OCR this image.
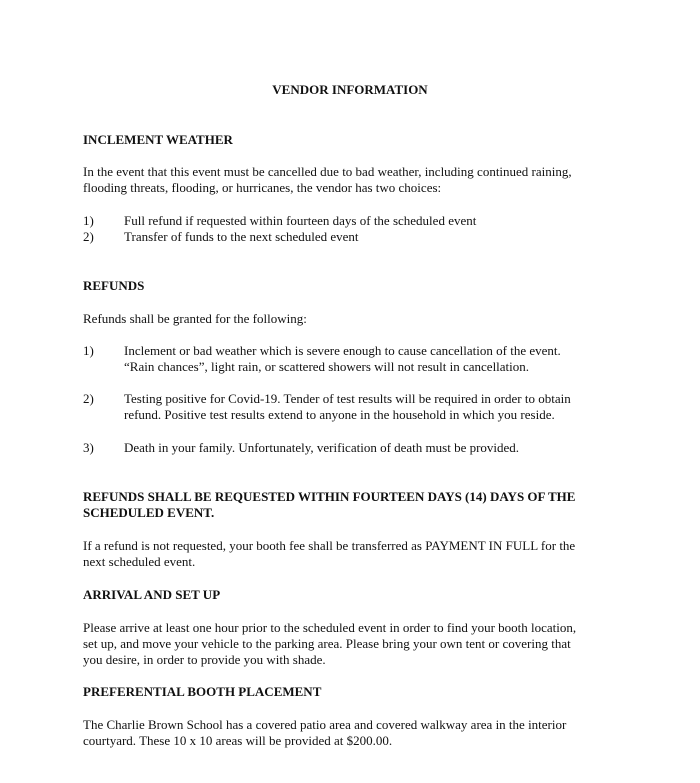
VENDOR INFORMATION
INCLEMENT WEATHER
In the event that this event must be cancelled due to bad weather, including continued raining,
flooding threats, flooding, or hurricanes, the vendor has two choices:
1) Full refund if requested within fourteen days of the scheduled event
2) Transfer of funds to the next scheduled event
REFUNDS
Refunds shall be granted for the following:
1) Inclement or bad weather which is severe enough to cause cancellation of the event.
“Rain chances”, light rain, or scattered showers will not result in cancellation.
2) Testing positive for Covid-19. Tender of test results will be required in order to obtain
refund. Positive test results extend to anyone in the household in which you reside.
3) Death in your family. Unfortunately, verification of death must be provided.
REFUNDS SHALL BE REQUESTED WITHIN FOURTEEN DAYS (14) DAYS OF THE
SCHEDULED EVENT.
If a refund is not requested, your booth fee shall be transferred as PAYMENT IN FULL for the
next scheduled event.
ARRIVAL AND SET UP
Please arrive at least one hour prior to the scheduled event in order to find your booth location,
set up, and move your vehicle to the parking area. Please bring your own tent or covering that
you desire, in order to provide you with shade.
PREFERENTIAL BOOTH PLACEMENT
The Charlie Brown School has a covered patio area and covered walkway area in the interior
courtyard. These 10 x 10 areas will be provided at $200.00.
